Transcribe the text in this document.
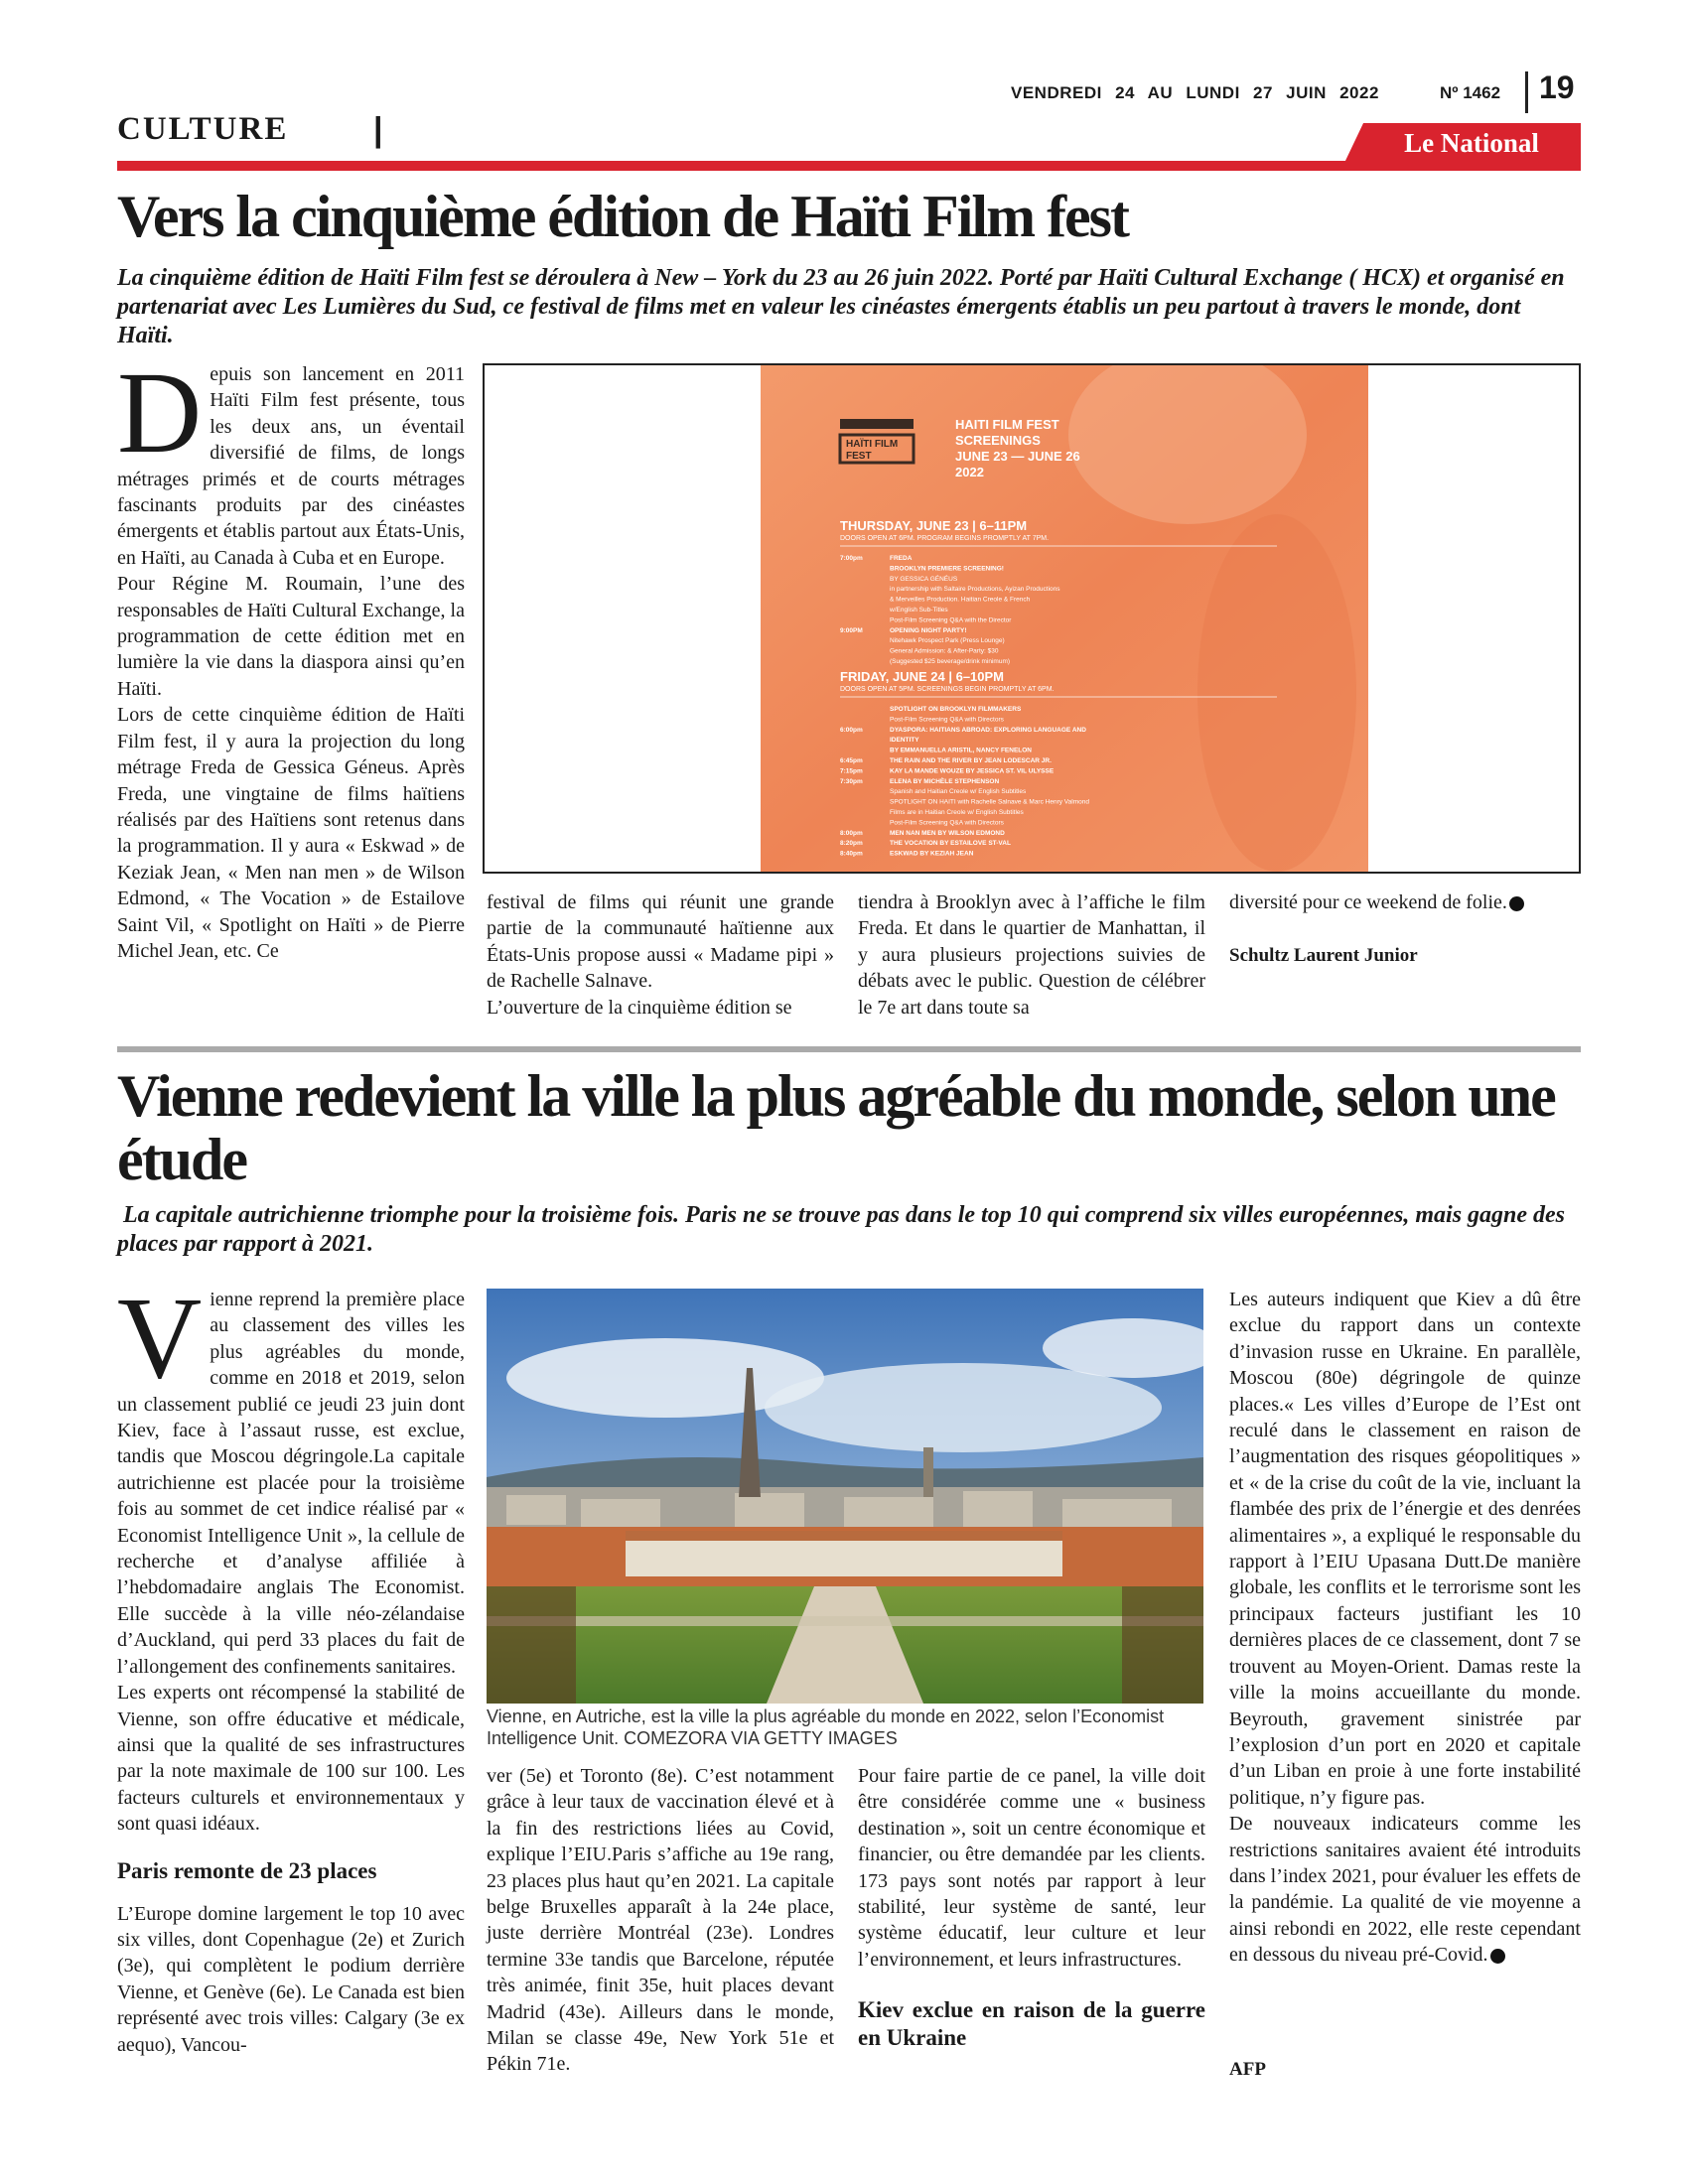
CULTURE	|
VENDREDI 24 AU LUNDI 27 JUIN 2022	Nº 1462 19
Le National
Vers la cinquième édition de Haïti Film fest

La cinquième édition de Haïti Film fest se déroulera à New – York du 23 au 26 juin 2022. Porté par Haïti Cultural Exchange ( HCX) et organisé en partenariat avec Les Lumières du Sud, ce festival de films met en valeur les cinéastes émergents établis un peu partout à travers le monde, dont Haïti.

Depuis son lancement en 2011 Haïti Film fest présente, tous les deux ans, un éventail diversifié de films, de longs métrages primés et de courts métrages fascinants produits par des cinéastes émergents et établis partout aux États-Unis, en Haïti, au Canada à Cuba et en Europe.

Pour Régine M. Roumain, l’une des responsables de Haïti Cultural Exchange, la programmation de cette édition met en lumière la vie dans la diaspora ainsi qu’en Haïti.

Lors de cette cinquième édition de Haïti Film fest, il y aura la projection du long métrage Freda de Gessica Géneus. Après Freda, une vingtaine de films haïtiens réalisés par des Haïtiens sont retenus dans la programmation. Il y aura « Eskwad » de Keziak Jean, « Men nan men » de Wilson Edmond, « The Vocation » de Estailove Saint Vil, « Spotlight on Haïti » de Pierre Michel Jean, etc. Ce

HAÏTI FILM
FEST
HAITI FILM FEST
SCREENINGS
JUNE 23 — JUNE 26
2022
THURSDAY, JUNE 23 | 6–11PM
DOORS OPEN AT 6PM. PROGRAM BEGINS PROMPTLY AT 7PM.
FRIDAY, JUNE 24 | 6–10PM
DOORS OPEN AT 5PM. SCREENINGS BEGIN PROMPTLY AT 6PM.
7:00pm	FREDA
BROOKLYN PREMIERE SCREENING!
BY GESSICA GÉNÉUS
in partnership with Saltaire Productions, Ayizan Productions
& Merveilles Production. Haitian Creole & French
w/English Sub-Titles
Post-Film Screening Q&A with the Director
9:00PM	OPENING NIGHT PARTY!
Nitehawk Prospect Park (Press Lounge)
General Admission: & After-Party: $30
(Suggested $25 beverage/drink minimum)
SPOTLIGHT ON BROOKLYN FILMMAKERS
Post-Film Screening Q&A with Directors
6:00pm	DYASPORA: HAITIANS ABROAD: EXPLORING LANGUAGE AND
IDENTITY
BY EMMANUELLA ARISTIL, NANCY FENELON
6:45pm	THE RAIN AND THE RIVER BY JEAN LODESCAR JR.
7:15pm	KAY LA MANDE WOUZE BY JESSICA ST. VIL ULYSSE
7:30pm	ELENA BY MICHÈLE STEPHENSON
Spanish and Haitian Creole w/ English Subtitles
SPOTLIGHT ON HAITI with Rachelle Salnave & Marc Henry Valmond
Films are in Haitian Creole w/ English Subtitles
Post-Film Screening Q&A with Directors
8:00pm	MEN NAN MEN BY WILSON EDMOND
8:20pm	THE VOCATION BY ESTAILOVE ST-VAL
8:40pm	ESKWAD BY KEZIAH JEAN

festival de films qui réunit une grande partie de la communauté haïtienne aux États-Unis propose aussi « Madame pipi » de Rachelle Salnave.

L’ouverture de la cinquième édition se

tiendra à Brooklyn avec à l’affiche le film Freda. Et dans le quartier de Manhattan, il y aura plusieurs projections suivies de débats avec le public. Question de célébrer le 7e art dans toute sa
diversité pour ce weekend de folie.
Schultz Laurent Junior
Vienne redevient la ville la plus agréable du monde, selon une étude

La capitale autrichienne triomphe pour la troisième fois. Paris ne se trouve pas dans le top 10 qui comprend six villes européennes, mais gagne des places par rapport à 2021.

Vienne reprend la première place au classement des villes les plus agréables du monde, comme en 2018 et 2019, selon un classement publié ce jeudi 23 juin dont Kiev, face à l’assaut russe, est exclue, tandis que Moscou dégringole.La capitale autrichienne est placée pour la troisième fois au sommet de cet indice réalisé par « Economist Intelligence Unit », la cellule de recherche et d’analyse affiliée à l’hebdomadaire anglais The Economist. Elle succède à la ville néo-zélandaise d’Auckland, qui perd 33 places du fait de l’allongement des confinements sanitaires.

Les experts ont récompensé la stabilité de Vienne, son offre éducative et médicale, ainsi que la qualité de ses infrastructures par la note maximale de 100 sur 100. Les facteurs culturels et environnementaux y sont quasi idéaux.

Paris remonte de 23 places

L’Europe domine largement le top 10 avec six villes, dont Copenhague (2e) et Zurich (3e), qui complètent le podium derrière Vienne, et Genève (6e). Le Canada est bien représenté avec trois villes: Calgary (3e ex aequo), Vancou-

Vienne, en Autriche, est la ville la plus agréable du monde en 2022, selon l’Economist Intelligence Unit. COMEZORA VIA GETTY IMAGES

ver (5e) et Toronto (8e). C’est notamment grâce à leur taux de vaccination élevé et à la fin des restrictions liées au Covid, explique l’EIU.Paris s’affiche au 19e rang, 23 places plus haut qu’en 2021. La capitale belge Bruxelles apparaît à la 24e place, juste derrière Montréal (23e). Londres termine 33e tandis que Barcelone, réputée très animée, finit 35e, huit places devant Madrid (43e). Ailleurs dans le monde, Milan se classe 49e, New York 51e et Pékin 71e.

Pour faire partie de ce panel, la ville doit être considérée comme une « business destination », soit un centre économique et financier, ou être demandée par les clients. 173 pays sont notés par rapport à leur stabilité, leur système de santé, leur système éducatif, leur culture et leur l’environnement, et leurs infrastructures.

Kiev exclue en raison de la guerre en Ukraine

Les auteurs indiquent que Kiev a dû être exclue du rapport dans un contexte d’invasion russe en Ukraine. En parallèle, Moscou (80e) dégringole de quinze places.« Les villes d’Europe de l’Est ont reculé dans le classement en raison de l’augmentation des risques géopolitiques » et « de la crise du coût de la vie, incluant la flambée des prix de l’énergie et des denrées alimentaires », a expliqué le responsable du rapport à l’EIU Upasana Dutt.De manière globale, les conflits et le terrorisme sont les principaux facteurs justifiant les 10 dernières places de ce classement, dont 7 se trouvent au Moyen-Orient. Damas reste la ville la moins accueillante du monde. Beyrouth, gravement sinistrée par l’explosion d’un port en 2020 et capitale d’un Liban en proie à une forte instabilité politique, n’y figure pas.

De nouveaux indicateurs comme les restrictions sanitaires avaient été introduits dans l’index 2021, pour évaluer les effets de la pandémie. La qualité de vie moyenne a ainsi rebondi en 2022, elle reste cependant en dessous du niveau pré-Covid.

AFP
